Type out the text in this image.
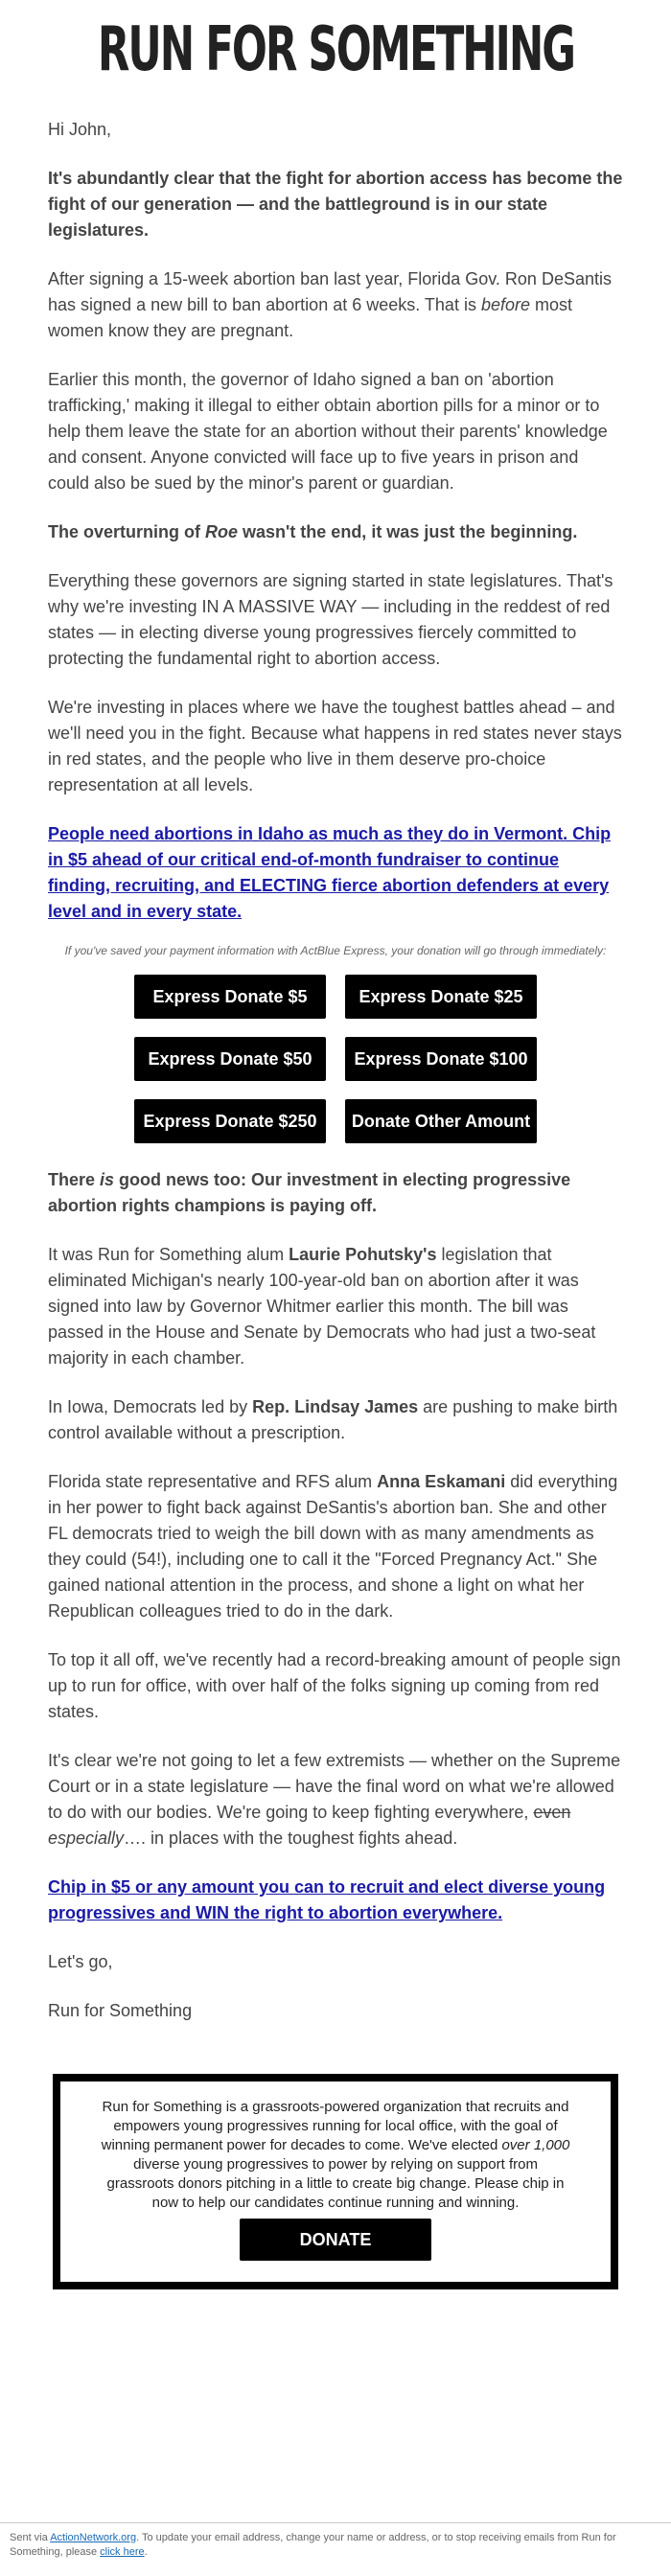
RUN FOR SOMETHING

Hi John,

It's abundantly clear that the fight for abortion access has become the fight of our generation — and the battleground is in our state legislatures.

After signing a 15-week abortion ban last year, Florida Gov. Ron DeSantis has signed a new bill to ban abortion at 6 weeks. That is before most women know they are pregnant.

Earlier this month, the governor of Idaho signed a ban on 'abortion trafficking,' making it illegal to either obtain abortion pills for a minor or to help them leave the state for an abortion without their parents' knowledge and consent. Anyone convicted will face up to five years in prison and could also be sued by the minor's parent or guardian.

The overturning of Roe wasn't the end, it was just the beginning.

Everything these governors are signing started in state legislatures. That's why we're investing IN A MASSIVE WAY — including in the reddest of red states — in electing diverse young progressives fiercely committed to protecting the fundamental right to abortion access.

We're investing in places where we have the toughest battles ahead – and we'll need you in the fight. Because what happens in red states never stays in red states, and the people who live in them deserve pro-choice representation at all levels.

People need abortions in Idaho as much as they do in Vermont. Chip in $5 ahead of our critical end-of-month fundraiser to continue finding, recruiting, and ELECTING fierce abortion defenders at every level and in every state.

If you've saved your payment information with ActBlue Express, your donation will go through immediately:
Express Donate $5	Express Donate $25
Express Donate $50	Express Donate $100
Express Donate $250	Donate Other Amount

There is good news too: Our investment in electing progressive abortion rights champions is paying off.

It was Run for Something alum Laurie Pohutsky's legislation that eliminated Michigan's nearly 100-year-old ban on abortion after it was signed into law by Governor Whitmer earlier this month. The bill was passed in the House and Senate by Democrats who had just a two-seat majority in each chamber.

In Iowa, Democrats led by Rep. Lindsay James are pushing to make birth control available without a prescription.

Florida state representative and RFS alum Anna Eskamani did everything in her power to fight back against DeSantis's abortion ban. She and other FL democrats tried to weigh the bill down with as many amendments as they could (54!), including one to call it the "Forced Pregnancy Act." She gained national attention in the process, and shone a light on what her Republican colleagues tried to do in the dark.

To top it all off, we've recently had a record-breaking amount of people sign up to run for office, with over half of the folks signing up coming from red states.

It's clear we're not going to let a few extremists — whether on the Supreme Court or in a state legislature — have the final word on what we're allowed to do with our bodies. We're going to keep fighting everywhere, even especially…. in places with the toughest fights ahead.

Chip in $5 or any amount you can to recruit and elect diverse young progressives and WIN the right to abortion everywhere.

Let's go,

Run for Something

Run for Something is a grassroots-powered organization that recruits and empowers young progressives running for local office, with the goal of winning permanent power for decades to come. We've elected over 1,000 diverse young progressives to power by relying on support from grassroots donors pitching in a little to create big change. Please chip in now to help our candidates continue running and winning.
DONATE
Sent via ActionNetwork.org. To update your email address, change your name or address, or to stop receiving emails from Run for Something, please click here.
